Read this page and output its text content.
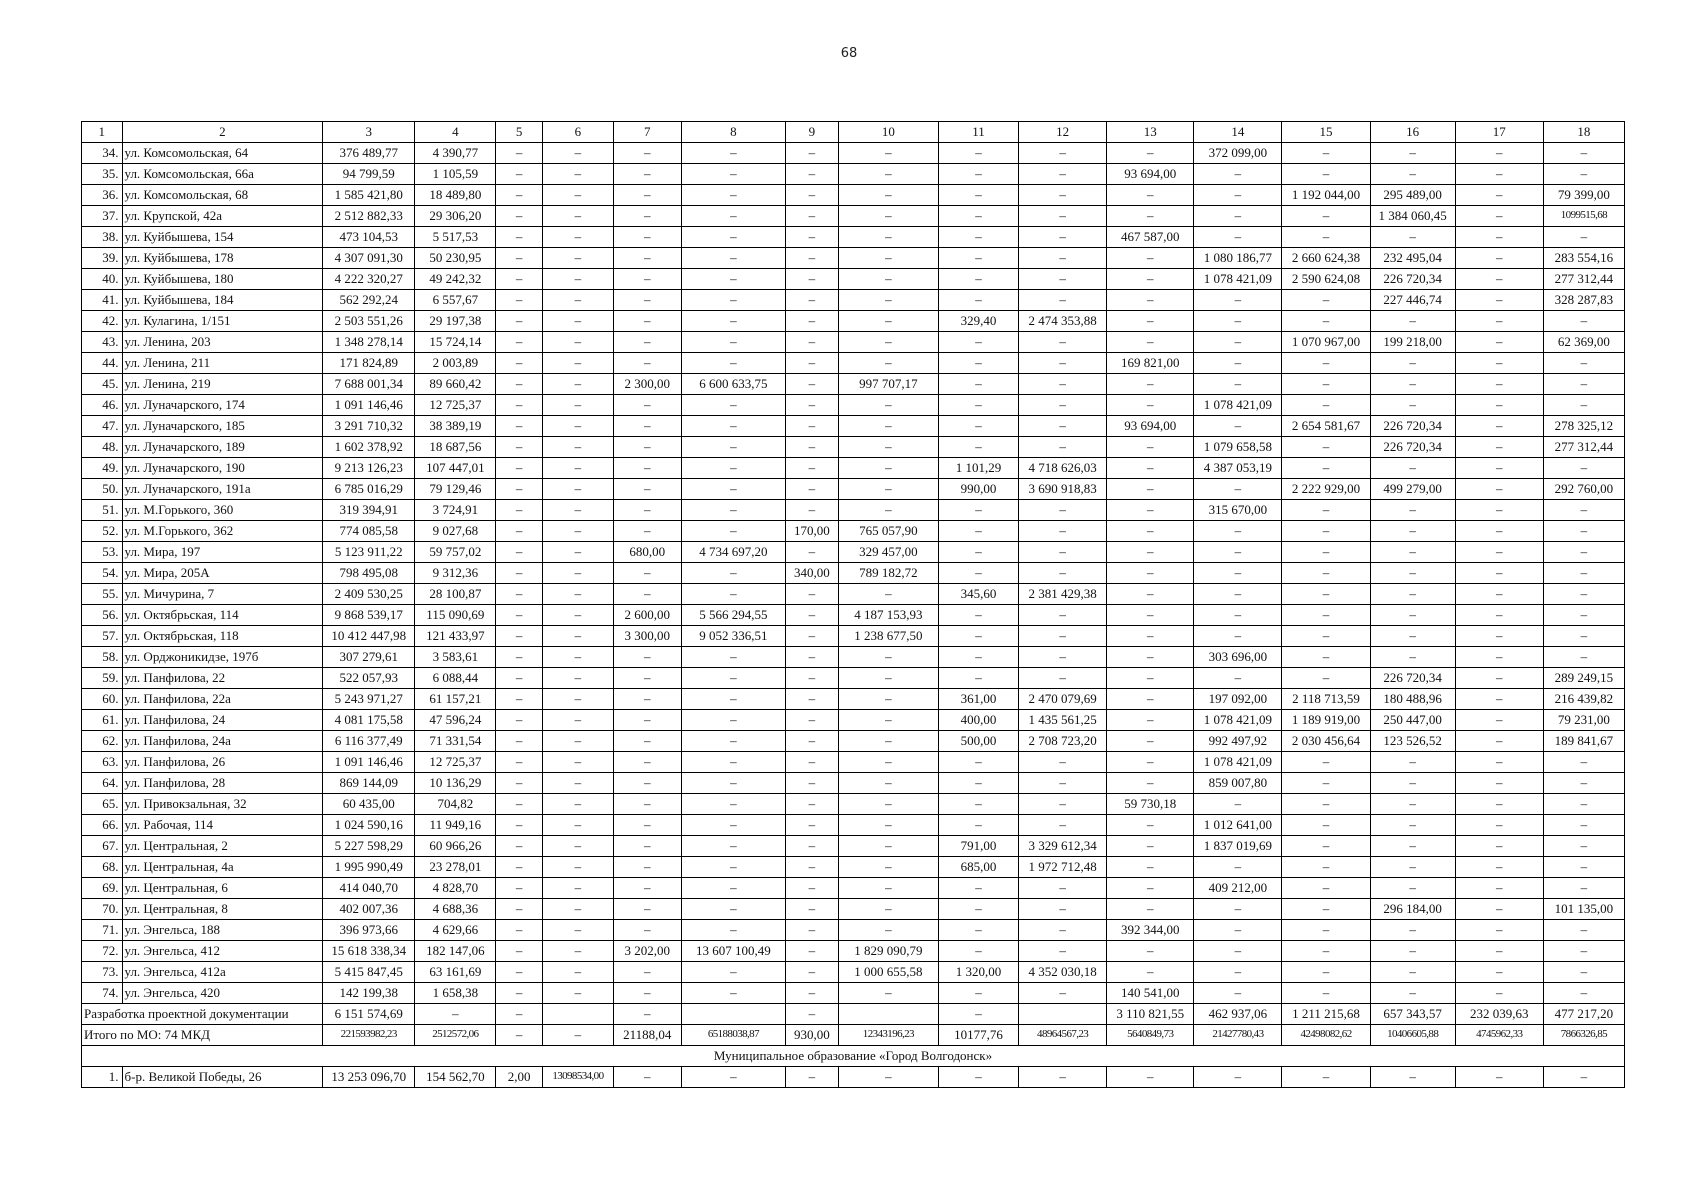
68
1	2	3	4	5	6	7	8	9	10	11	12	13	14	15	16	17	18
34.	ул. Комсомольская, 64	376 489,77	4 390,77	–	–	–	–	–	–	–	–	–	372 099,00	–	–	–	–
35.	ул. Комсомольская, 66а	94 799,59	1 105,59	–	–	–	–	–	–	–	–	93 694,00	–	–	–	–	–
36.	ул. Комсомольская, 68	1 585 421,80	18 489,80	–	–	–	–	–	–	–	–	–	–	1 192 044,00	295 489,00	–	79 399,00
37.	ул. Крупской, 42а	2 512 882,33	29 306,20	–	–	–	–	–	–	–	–	–	–	–	1 384 060,45	–	1099515,68
38.	ул. Куйбышева, 154	473 104,53	5 517,53	–	–	–	–	–	–	–	–	467 587,00	–	–	–	–	–
39.	ул. Куйбышева, 178	4 307 091,30	50 230,95	–	–	–	–	–	–	–	–	–	1 080 186,77	2 660 624,38	232 495,04	–	283 554,16
40.	ул. Куйбышева, 180	4 222 320,27	49 242,32	–	–	–	–	–	–	–	–	–	1 078 421,09	2 590 624,08	226 720,34	–	277 312,44
41.	ул. Куйбышева, 184	562 292,24	6 557,67	–	–	–	–	–	–	–	–	–	–	–	227 446,74	–	328 287,83
42.	ул. Кулагина, 1/151	2 503 551,26	29 197,38	–	–	–	–	–	–	329,40	2 474 353,88	–	–	–	–	–	–
43.	ул. Ленина, 203	1 348 278,14	15 724,14	–	–	–	–	–	–	–	–	–	–	1 070 967,00	199 218,00	–	62 369,00
44.	ул. Ленина, 211	171 824,89	2 003,89	–	–	–	–	–	–	–	–	169 821,00	–	–	–	–	–
45.	ул. Ленина, 219	7 688 001,34	89 660,42	–	–	2 300,00	6 600 633,75	–	997 707,17	–	–	–	–	–	–	–	–
46.	ул. Луначарского, 174	1 091 146,46	12 725,37	–	–	–	–	–	–	–	–	–	1 078 421,09	–	–	–	–
47.	ул. Луначарского, 185	3 291 710,32	38 389,19	–	–	–	–	–	–	–	–	93 694,00	–	2 654 581,67	226 720,34	–	278 325,12
48.	ул. Луначарского, 189	1 602 378,92	18 687,56	–	–	–	–	–	–	–	–	–	1 079 658,58	–	226 720,34	–	277 312,44
49.	ул. Луначарского, 190	9 213 126,23	107 447,01	–	–	–	–	–	–	1 101,29	4 718 626,03	–	4 387 053,19	–	–	–	–
50.	ул. Луначарского, 191а	6 785 016,29	79 129,46	–	–	–	–	–	–	990,00	3 690 918,83	–	–	2 222 929,00	499 279,00	–	292 760,00
51.	ул. М.Горького, 360	319 394,91	3 724,91	–	–	–	–	–	–	–	–	–	315 670,00	–	–	–	–
52.	ул. М.Горького, 362	774 085,58	9 027,68	–	–	–	–	170,00	765 057,90	–	–	–	–	–	–	–	–
53.	ул. Мира, 197	5 123 911,22	59 757,02	–	–	680,00	4 734 697,20	–	329 457,00	–	–	–	–	–	–	–	–
54.	ул. Мира, 205А	798 495,08	9 312,36	–	–	–	–	340,00	789 182,72	–	–	–	–	–	–	–	–
55.	ул. Мичурина, 7	2 409 530,25	28 100,87	–	–	–	–	–	–	345,60	2 381 429,38	–	–	–	–	–	–
56.	ул. Октябрьская, 114	9 868 539,17	115 090,69	–	–	2 600,00	5 566 294,55	–	4 187 153,93	–	–	–	–	–	–	–	–
57.	ул. Октябрьская, 118	10 412 447,98	121 433,97	–	–	3 300,00	9 052 336,51	–	1 238 677,50	–	–	–	–	–	–	–	–
58.	ул. Орджоникидзе, 197б	307 279,61	3 583,61	–	–	–	–	–	–	–	–	–	303 696,00	–	–	–	–
59.	ул. Панфилова, 22	522 057,93	6 088,44	–	–	–	–	–	–	–	–	–	–	–	226 720,34	–	289 249,15
60.	ул. Панфилова, 22а	5 243 971,27	61 157,21	–	–	–	–	–	–	361,00	2 470 079,69	–	197 092,00	2 118 713,59	180 488,96	–	216 439,82
61.	ул. Панфилова, 24	4 081 175,58	47 596,24	–	–	–	–	–	–	400,00	1 435 561,25	–	1 078 421,09	1 189 919,00	250 447,00	–	79 231,00
62.	ул. Панфилова, 24а	6 116 377,49	71 331,54	–	–	–	–	–	–	500,00	2 708 723,20	–	992 497,92	2 030 456,64	123 526,52	–	189 841,67
63.	ул. Панфилова, 26	1 091 146,46	12 725,37	–	–	–	–	–	–	–	–	–	1 078 421,09	–	–	–	–
64.	ул. Панфилова, 28	869 144,09	10 136,29	–	–	–	–	–	–	–	–	–	859 007,80	–	–	–	–
65.	ул. Привокзальная, 32	60 435,00	704,82	–	–	–	–	–	–	–	–	59 730,18	–	–	–	–	–
66.	ул. Рабочая, 114	1 024 590,16	11 949,16	–	–	–	–	–	–	–	–	–	1 012 641,00	–	–	–	–
67.	ул. Центральная, 2	5 227 598,29	60 966,26	–	–	–	–	–	–	791,00	3 329 612,34	–	1 837 019,69	–	–	–	–
68.	ул. Центральная, 4а	1 995 990,49	23 278,01	–	–	–	–	–	–	685,00	1 972 712,48	–	–	–	–	–	–
69.	ул. Центральная, 6	414 040,70	4 828,70	–	–	–	–	–	–	–	–	–	409 212,00	–	–	–	–
70.	ул. Центральная, 8	402 007,36	4 688,36	–	–	–	–	–	–	–	–	–	–	–	296 184,00	–	101 135,00
71.	ул. Энгельса, 188	396 973,66	4 629,66	–	–	–	–	–	–	–	–	392 344,00	–	–	–	–	–
72.	ул. Энгельса, 412	15 618 338,34	182 147,06	–	–	3 202,00	13 607 100,49	–	1 829 090,79	–	–	–	–	–	–	–	–
73.	ул. Энгельса, 412а	5 415 847,45	63 161,69	–	–	–	–	–	1 000 655,58	1 320,00	4 352 030,18	–	–	–	–	–	–
74.	ул. Энгельса, 420	142 199,38	1 658,38	–	–	–	–	–	–	–	–	140 541,00	–	–	–	–	–
Разработка проектной документации		6 151 574,69	–	–		–		–		–		3 110 821,55	462 937,06	1 211 215,68	657 343,57	232 039,63	477 217,20
Итого по МО: 74 МКД		221593982,23	2512572,06	–	–	21188,04	65188038,87	930,00	12343196,23	10177,76	48964567,23	5640849,73	21427780,43	42498082,62	10406605,88	4745962,33	7866326,85
Муниципальное образование «Город Волгодонск»																	
1.	б-р. Великой Победы, 26	13 253 096,70	154 562,70	2,00	13098534,00	–	–	–	–	–	–	–	–	–	–	–	–
